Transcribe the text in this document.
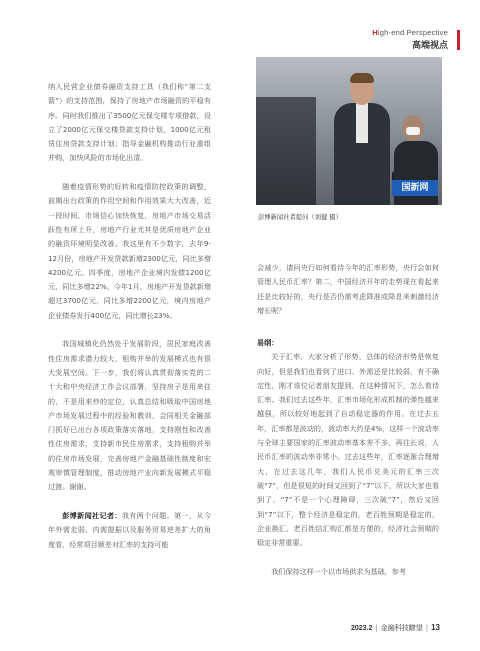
High-end Perspective
高端视点

纳入民营企业债券融资支持工具（我们称“第二支箭”）的支持范围，保持了房地产市场融资的平稳有序。同时我们推出了3500亿元保交楼专项借款，设立了2000亿元保交楼贷款支持计划，1000亿元租赁住房贷款支持计划；指导金融机构推动行业重组并购，加快风险的市场化出清。

随着疫情形势的好转和疫情防控政策的调整，前期出台政策的作用空间和作用效果大大改善，近一段时间，市场信心加快恢复，房地产市场交易活跃性有所上升，房地产行业尤其是优质房地产企业的融资环境明显改善。我这里有不少数字，去年9-12月份，房地产开发贷款新增2300亿元，同比多增4200亿元。四季度，房地产企业境内发债1200亿元，同比多增22%。今年1月，房地产开发贷款新增超过3700亿元，同比多增2200亿元，境内房地产企业债券发行400亿元，同比增长23%。

我国城镇化仍然处于发展阶段，居民家庭改善性住房需求潜力较大，租购并举的发展模式也有很大发展空间。下一步，我们将认真贯彻落实党的二十大和中央经济工作会议部署，坚持房子是用来住的，不是用来炒的定位，认真总结和吸取中国房地产市场发展过程中的经验和教训，会同相关金融部门抓好已出台各项政策落实落地，支持刚性和改善性住房需求，支持新市民住房需求，支持租购并举的住房市场发展，完善房地产金融基础性制度和宏观审慎管理制度，推动房地产业向新发展模式平稳过渡。谢谢。

彭博新闻社记者：我有两个问题。第一，从今年外需走弱、内需提振以及服务贸易逆差扩大的角度看，经常项目顺差对汇率的支持可能

国新网
彭博新闻社者提问（刘健 摄）

会减少，请问央行如何看待今年的汇率形势，央行会如何管理人民币汇率？第二，中国经济开年的走势现在看起来还是比较好的，央行是否仍需考虑降准或降息来刺激经济增长呢？

易纲：

关于汇率，大家分析了形势，总体的经济形势是恢复向好，但是我们也看到了进口、外需还是比较弱，有不确定性，刚才该位记者朋友提到，在这种情况下，怎么看待汇率。我们过去这些年，汇率市场化形成机制的弹性越来越强，所以较好地起到了自动稳定器的作用。在过去五年，汇率都是波动的，波动率大约是4%，这样一个波动率与全球主要国家的汇率波动率基本差不多，再往长说，人民币汇率的波动率非常小。过去这些年，汇率逐渐合理增大，在过去这几年，我们人民币兑美元的汇率三次破“7”，但是很短的时间又回到了“7”以下，所以大家也看到了，“7”不是一个心理障碍，三次破“7”，然后又回到“7”以下，整个经济是稳定的，老百姓预期是稳定的，企业换汇、老百姓结汇购汇都是方便的，经济社会预期的稳定非常重要。

我们保持这样一个以市场供求为基础，参考

2023.2 | 金融科技瞭望 | 13
